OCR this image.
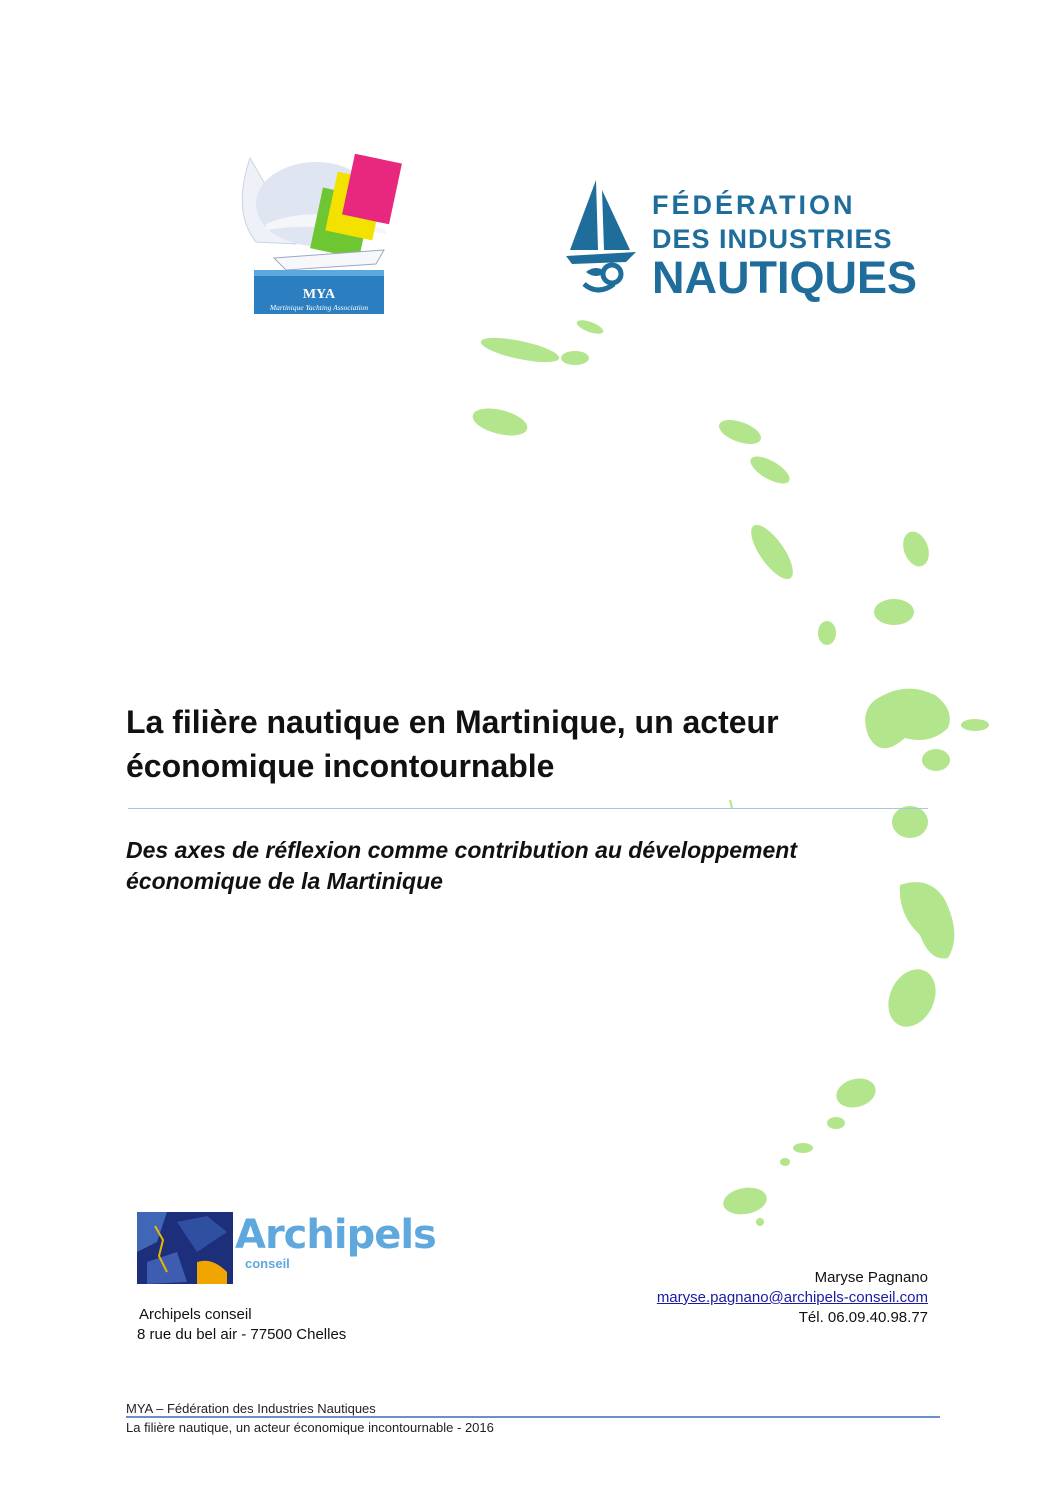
MYA
Martinique Yachting Association
FÉDÉRATION
DES INDUSTRIES
NAUTIQUES
La filière nautique en Martinique, un acteur économique incontournable
Des axes de réflexion comme contribution au développement économique de la Martinique
Archipels
conseil
Archipels conseil
8 rue du bel air - 77500 Chelles
Maryse Pagnano
maryse.pagnano@archipels-conseil.com
Tél. 06.09.40.98.77
MYA – Fédération des Industries Nautiques
La filière nautique, un acteur économique incontournable - 2016
